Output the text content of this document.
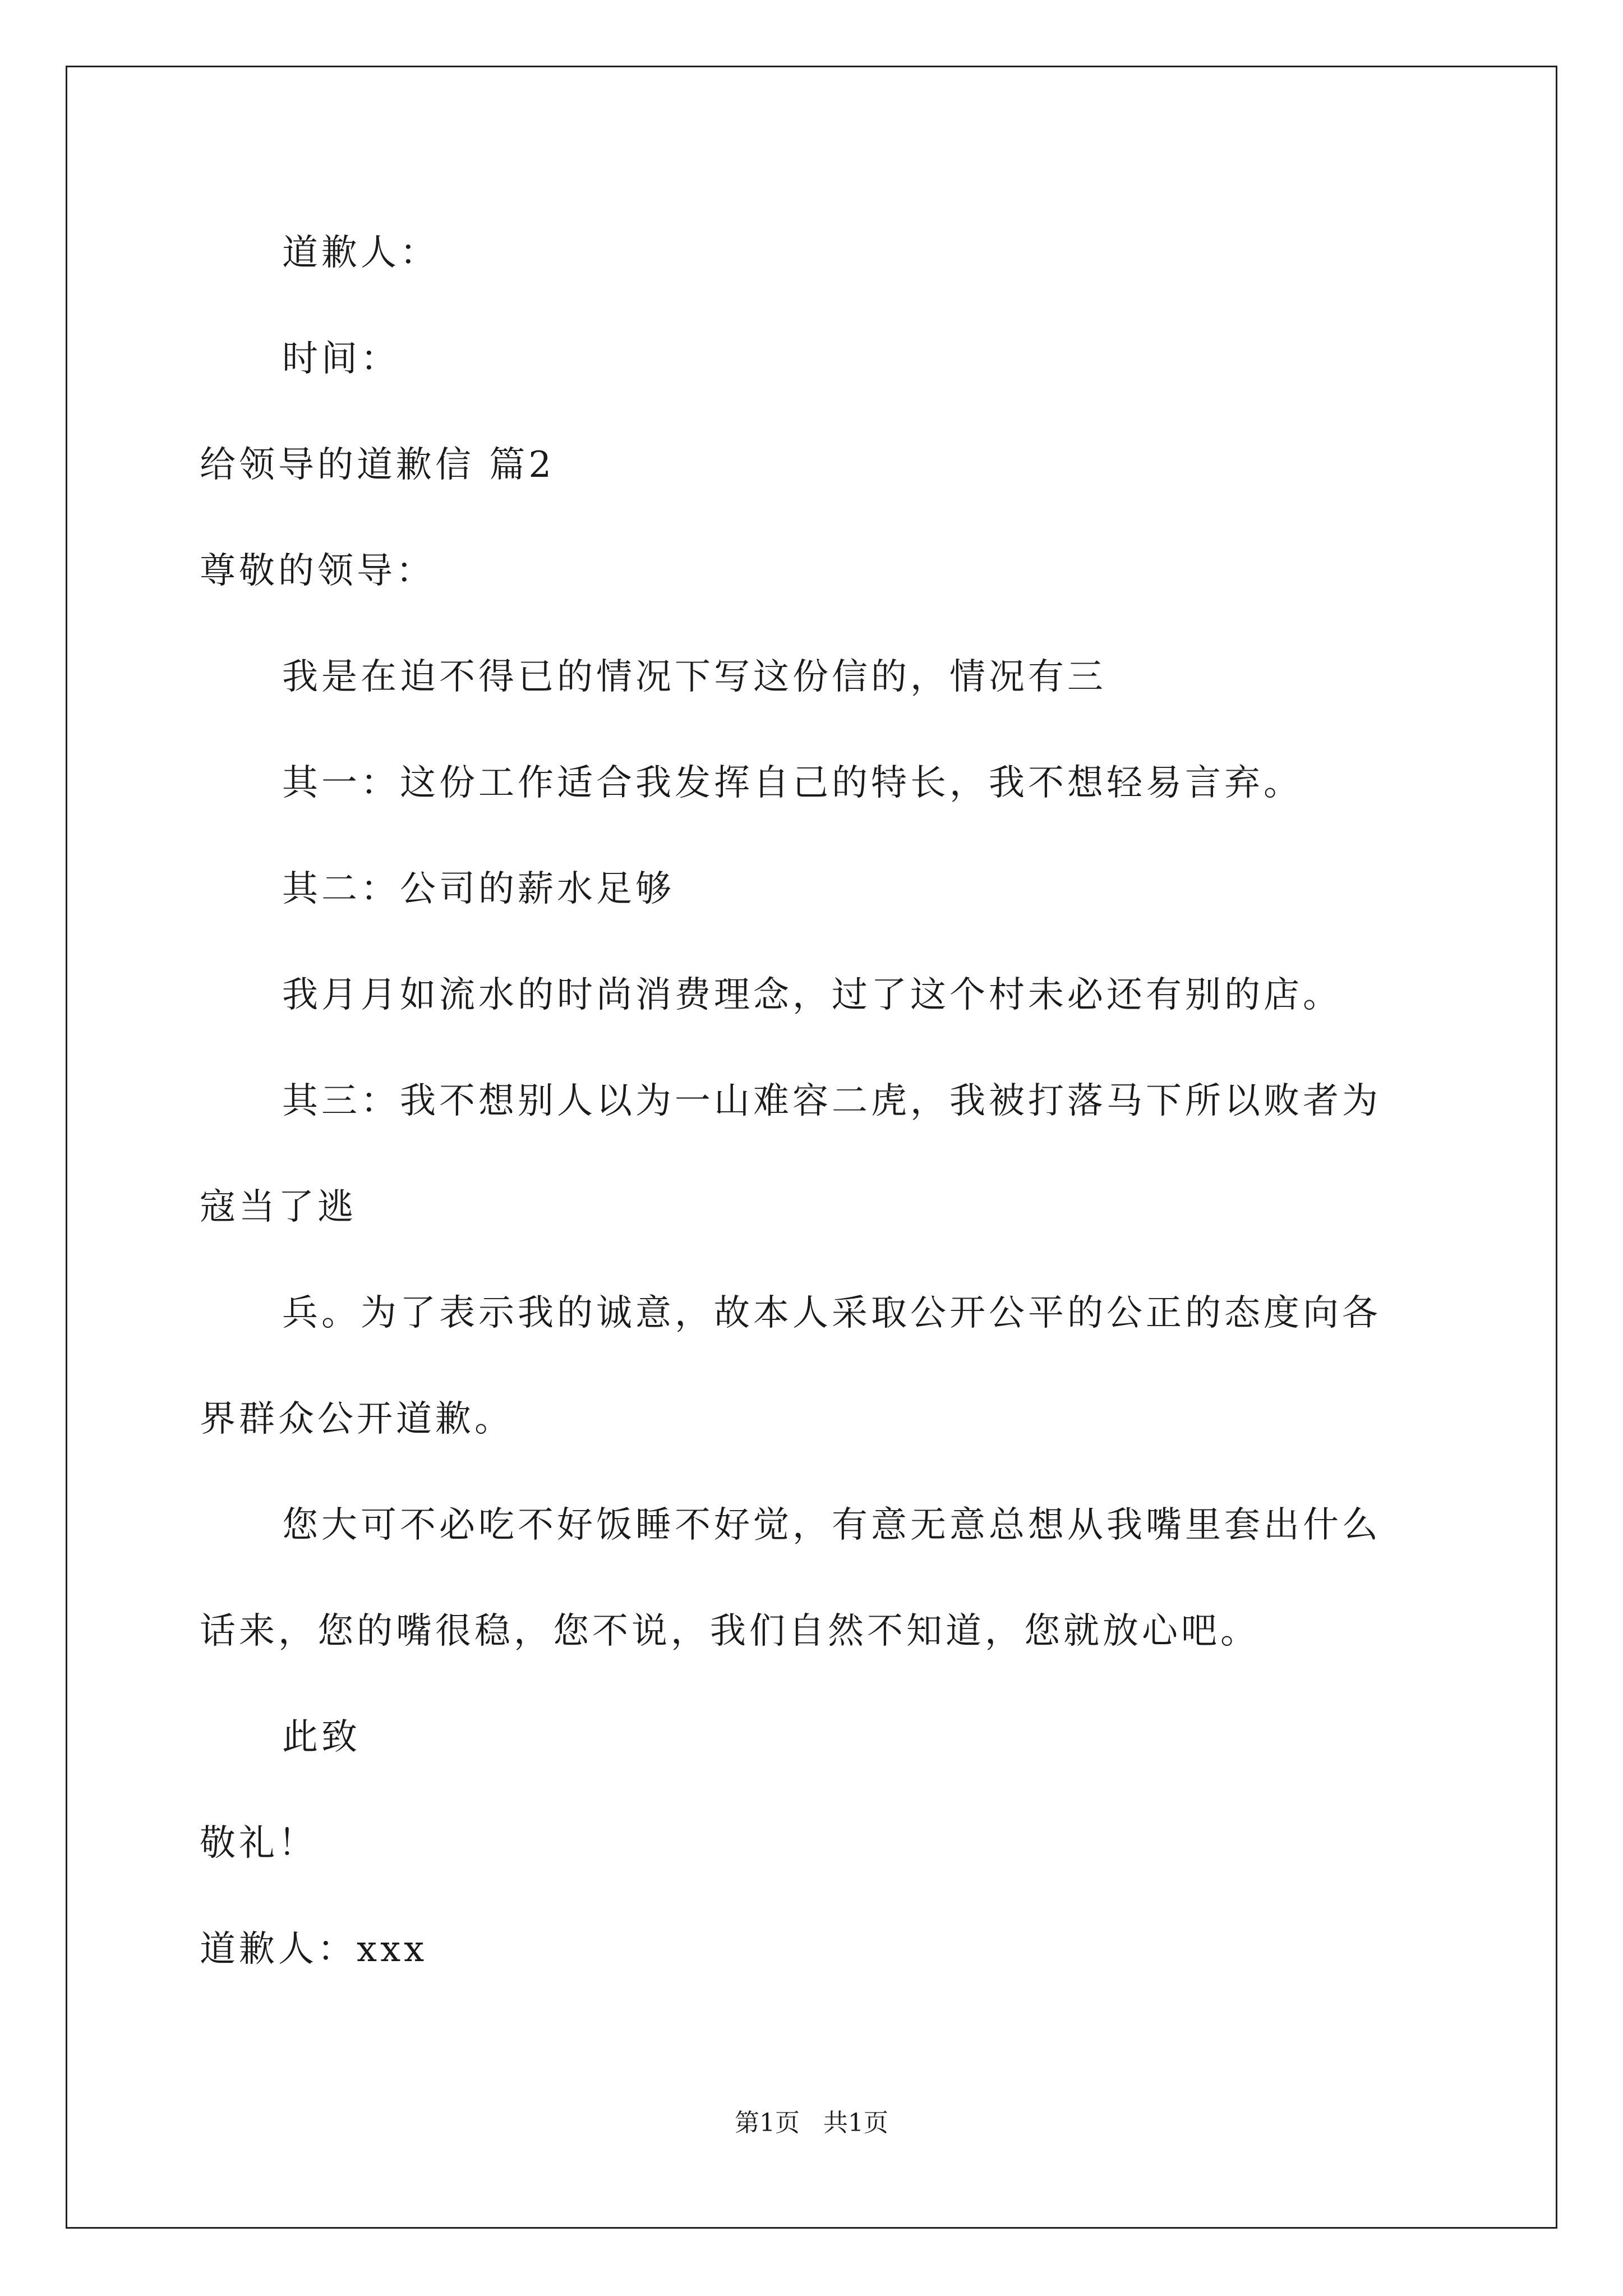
道歉人：
时间：
给领导的道歉信 篇2
尊敬的领导：
我是在迫不得已的情况下写这份信的，情况有三
其一：这份工作适合我发挥自己的特长，我不想轻易言弃。
其二：公司的薪水足够
我月月如流水的时尚消费理念，过了这个村未必还有别的店。
其三：我不想别人以为一山难容二虎，我被打落马下所以败者为
寇当了逃
兵。为了表示我的诚意，故本人采取公开公平的公正的态度向各
界群众公开道歉。
您大可不必吃不好饭睡不好觉，有意无意总想从我嘴里套出什么
话来，您的嘴很稳，您不说，我们自然不知道，您就放心吧。
此致
敬礼！
道歉人：xxx
第1页   共1页
